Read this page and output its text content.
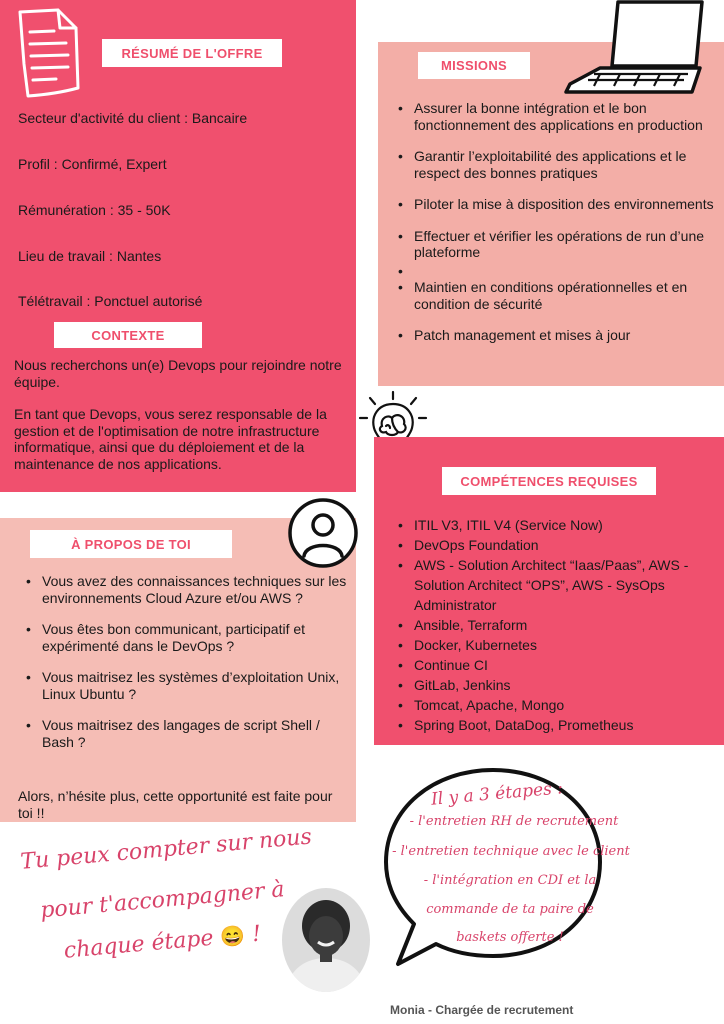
RÉSUMÉ DE L'OFFRE
Secteur d'activité du client : Bancaire
Profil : Confirmé, Expert
Rémunération : 35 - 50K
Lieu de travail : Nantes
Télétravail : Ponctuel autorisé
CONTEXTE
Nous recherchons un(e) Devops pour rejoindre notre équipe.
En tant que Devops, vous serez responsable de la gestion et de l'optimisation de notre infrastructure informatique, ainsi que du déploiement et de la maintenance de nos applications.
MISSIONS
• Assurer la bonne intégration et le bon fonctionnement des applications en production
• Garantir l’exploitabilité des applications et le respect des bonnes pratiques
• Piloter la mise à disposition des environnements
• Effectuer et vérifier les opérations de run d’une plateforme
•
• Maintien en conditions opérationnelles et en condition de sécurité
• Patch management et mises à jour
À PROPOS DE TOI
• Vous avez des connaissances techniques sur les environnements Cloud Azure et/ou AWS ?
• Vous êtes bon communicant, participatif et expérimenté dans le DevOps ?
• Vous maitrisez les systèmes d’exploitation Unix, Linux Ubuntu ?
• Vous maitrisez des langages de script Shell / Bash ?
Alors, n’hésite plus, cette opportunité est faite pour toi !!
COMPÉTENCES REQUISES
• ITIL V3, ITIL V4 (Service Now)
• DevOps Foundation
• AWS - Solution Architect “Iaas/Paas”, AWS - Solution Architect “OPS”, AWS - SysOps Administrator
• Ansible, Terraform
• Docker, Kubernetes
• Continue CI
• GitLab, Jenkins
• Tomcat, Apache, Mongo
• Spring Boot, DataDog, Prometheus
Tu peux compter sur nous
pour t'accompagner à
chaque étape 😄 !
Il y a 3 étapes :
- l'entretien RH de recrutement
- l'entretien technique avec le client
- l'intégration en CDI et la
commande de ta paire de
baskets offerte !
Monia - Chargée de recrutement
